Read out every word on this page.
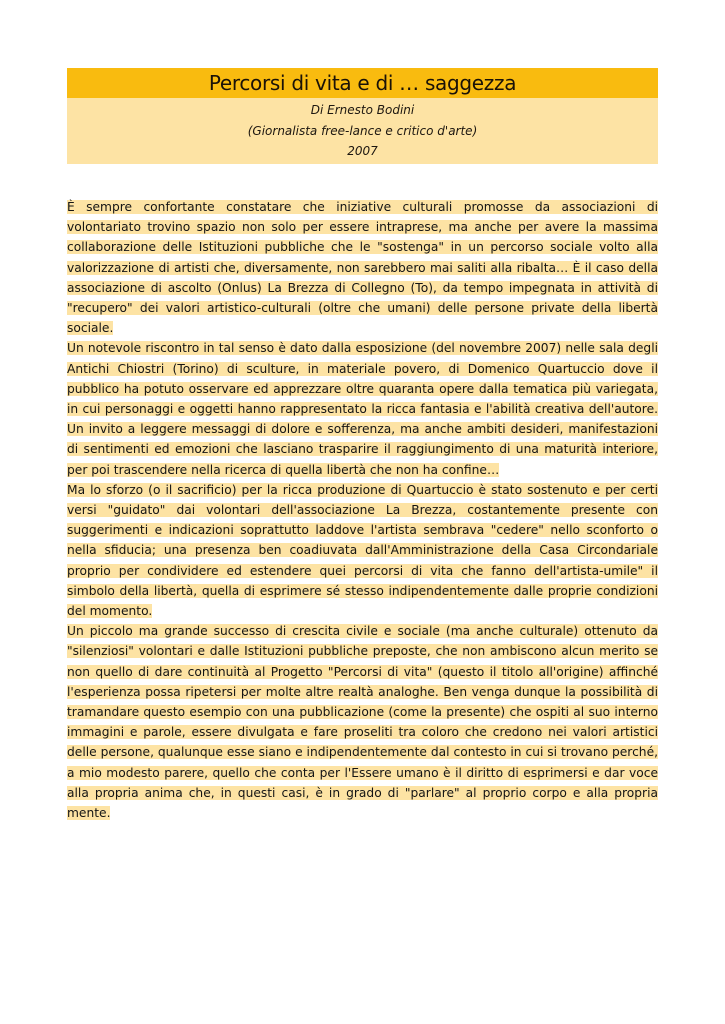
Percorsi di vita e di … saggezza
Di Ernesto Bodini
(Giornalista free-lance e critico d'arte)
2007

È sempre confortante constatare che iniziative culturali promosse da associazioni di volontariato trovino spazio non solo per essere intraprese, ma anche per avere la massima collaborazione delle Istituzioni pubbliche che le "sostenga" in un percorso sociale volto alla valorizzazione di artisti che, diversamente, non sarebbero mai saliti alla ribalta… È il caso della associazione di ascolto (Onlus) La Brezza di Collegno (To), da tempo impegnata in attività di "recupero" dei valori artistico-culturali (oltre che umani) delle persone private della libertà sociale.

Un notevole riscontro in tal senso è dato dalla esposizione (del novembre 2007) nelle sala degli Antichi Chiostri (Torino) di sculture, in materiale povero, di Domenico Quartuccio dove il pubblico ha potuto osservare ed apprezzare oltre quaranta opere dalla tematica più variegata, in cui personaggi e oggetti hanno rappresentato la ricca fantasia e l'abilità creativa dell'autore. Un invito a leggere messaggi di dolore e sofferenza, ma anche ambiti desideri, manifestazioni di sentimenti ed emozioni che lasciano trasparire il raggiungimento di una maturità interiore, per poi trascendere nella ricerca di quella libertà che non ha confine…

Ma lo sforzo (o il sacrificio) per la ricca produzione di Quartuccio è stato sostenuto e per certi versi "guidato" dai volontari dell'associazione La Brezza, costantemente presente con suggerimenti e indicazioni soprattutto laddove l'artista sembrava "cedere" nello sconforto o nella sfiducia; una presenza ben coadiuvata dall'Amministrazione della Casa Circondariale proprio per condividere ed estendere quei percorsi di vita che fanno dell'artista-umile" il simbolo della libertà, quella di esprimere sé stesso indipendentemente dalle proprie condizioni del momento.

Un piccolo ma grande successo di crescita civile e sociale (ma anche culturale) ottenuto da "silenziosi" volontari e dalle Istituzioni pubbliche preposte, che non ambiscono alcun merito se non quello di dare continuità al Progetto "Percorsi di vita" (questo il titolo all'origine) affinché l'esperienza possa ripetersi per molte altre realtà analoghe. Ben venga dunque la possibilità di tramandare questo esempio con una pubblicazione (come la presente) che ospiti al suo interno immagini e parole, essere divulgata e fare proseliti tra coloro che credono nei valori artistici delle persone, qualunque esse siano e indipendentemente dal contesto in cui si trovano perché, a mio modesto parere, quello che conta per l'Essere umano è il diritto di esprimersi e dar voce alla propria anima che, in questi casi, è in grado di "parlare" al proprio corpo e alla propria mente.
